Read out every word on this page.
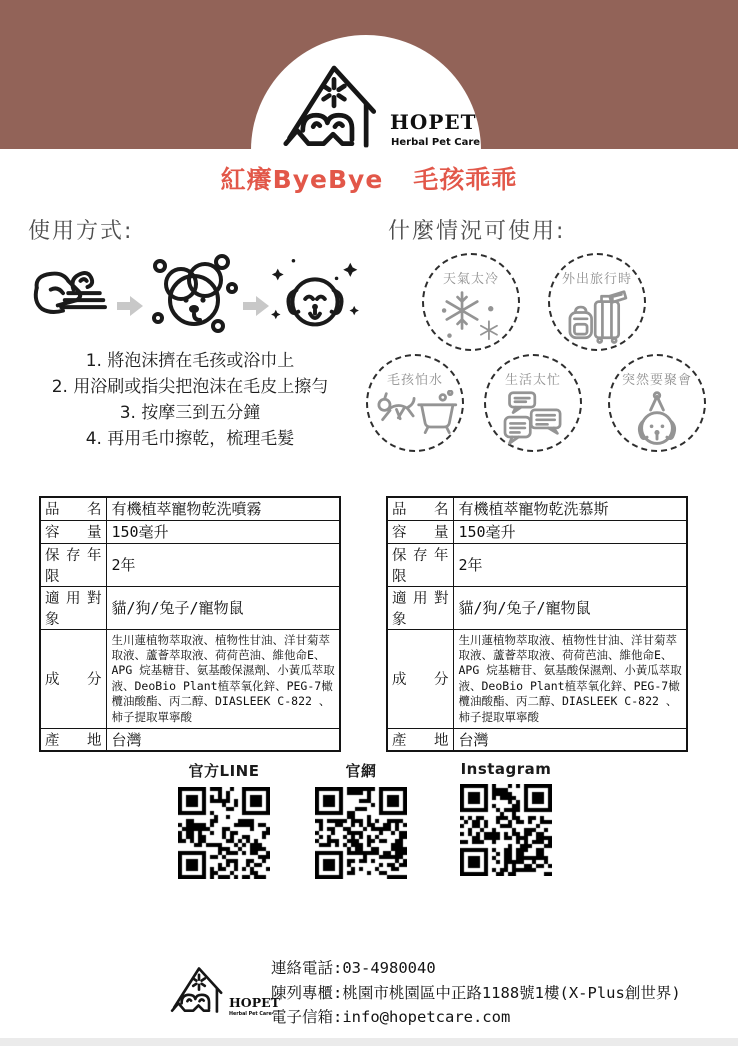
HOPET
Herbal Pet Care
紅癢ByeBye 毛孩乖乖
使用方式:
1. 將泡沫擠在毛孩或浴巾上
2. 用浴刷或指尖把泡沫在毛皮上擦勻
3. 按摩三到五分鐘
4. 再用毛巾擦乾，梳理毛髮
什麼情況可使用:
天氣太冷	外出旅行時
毛孩怕水	生活太忙	突然要聚會
品名	有機植萃寵物乾洗噴霧
容量	150毫升
保存年限	2年
適用對象	貓/狗/兔子/寵物鼠
成分	生川蓮植物萃取液、植物性甘油、洋甘菊萃取液、蘆薈萃取液、荷荷芭油、維他命E、APG 烷基糖苷、氨基酸保濕劑、小黃瓜萃取液、DeoBio Plant植萃氧化鋅、PEG-7橄欖油酸酯、丙二醇、DIASLEEK C-822 、柿子提取單寧酸
產地	台灣
品名	有機植萃寵物乾洗慕斯
容量	150毫升
保存年限	2年
適用對象	貓/狗/兔子/寵物鼠
成分	生川蓮植物萃取液、植物性甘油、洋甘菊萃取液、蘆薈萃取液、荷荷芭油、維他命E、APG 烷基糖苷、氨基酸保濕劑、小黃瓜萃取液、DeoBio Plant植萃氧化鋅、PEG-7橄欖油酸酯、丙二醇、DIASLEEK C-822 、柿子提取單寧酸
產地	台灣
官方LINE	官網	Instagram
HOPET
Herbal Pet Care
連絡電話:03-4980040
陳列專櫃:桃園市桃園區中正路1188號1樓(X-Plus創世界)
電子信箱:info@hopetcare.com
